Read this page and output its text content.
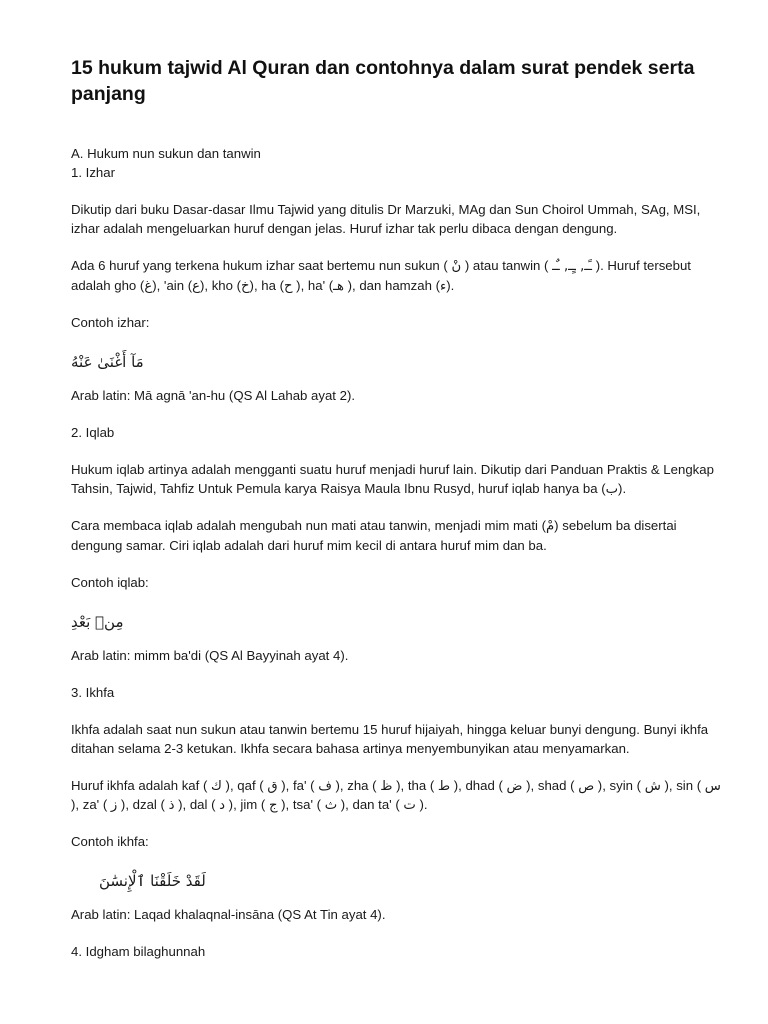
15 hukum tajwid Al Quran dan contohnya dalam surat pendek serta panjang

A. Hukum nun sukun dan tanwin
1. Izhar

Dikutip dari buku Dasar-dasar Ilmu Tajwid yang ditulis Dr Marzuki, MAg dan Sun Choirol Ummah, SAg, MSI, izhar adalah mengeluarkan huruf dengan jelas. Huruf izhar tak perlu dibaca dengan dengung.

Ada 6 huruf yang terkena hukum izhar saat bertemu nun sukun ( نْ ) atau tanwin ( ـًـ, ـٍـ, ـٌـ ). Huruf tersebut adalah gho (غ), 'ain (ع), kho (خ), ha (ح ), ha' (هـ ), dan hamzah (ء).

Contoh izhar:

مَآ أَغْنَىٰ عَنْهُ

Arab latin: Mā agnā 'an-hu (QS Al Lahab ayat 2).

2. Iqlab

Hukum iqlab artinya adalah mengganti suatu huruf menjadi huruf lain. Dikutip dari Panduan Praktis & Lengkap Tahsin, Tajwid, Tahfiz Untuk Pemula karya Raisya Maula Ibnu Rusyd, huruf iqlab hanya ba (ب).

Cara membaca iqlab adalah mengubah nun mati atau tanwin, menjadi mim mati (مْ) sebelum ba disertai dengung samar. Ciri iqlab adalah dari huruf mim kecil di antara huruf mim dan ba.

Contoh iqlab:

مِنۢ بَعْدِ

Arab latin: mimm ba'di (QS Al Bayyinah ayat 4).

3. Ikhfa

Ikhfa adalah saat nun sukun atau tanwin bertemu 15 huruf hijaiyah, hingga keluar bunyi dengung. Bunyi ikhfa ditahan selama 2-3 ketukan. Ikhfa secara bahasa artinya menyembunyikan atau menyamarkan.

Huruf ikhfa adalah kaf ( ك ), qaf ( ق ), fa' ( ف ), zha ( ظ ), tha ( ط ), dhad ( ض ), shad ( ص ), syin ( ش ), sin ( س ), za' ( ز ), dzal ( ذ ), dal ( د ), jim ( ج ), tsa' ( ث ), dan ta' ( ت ).

Contoh ikhfa:

لَقَدْ خَلَقْنَا ٱلْإِنسَٰنَ

Arab latin: Laqad khalaqnal-insāna (QS At Tin ayat 4).

4. Idgham bilaghunnah
